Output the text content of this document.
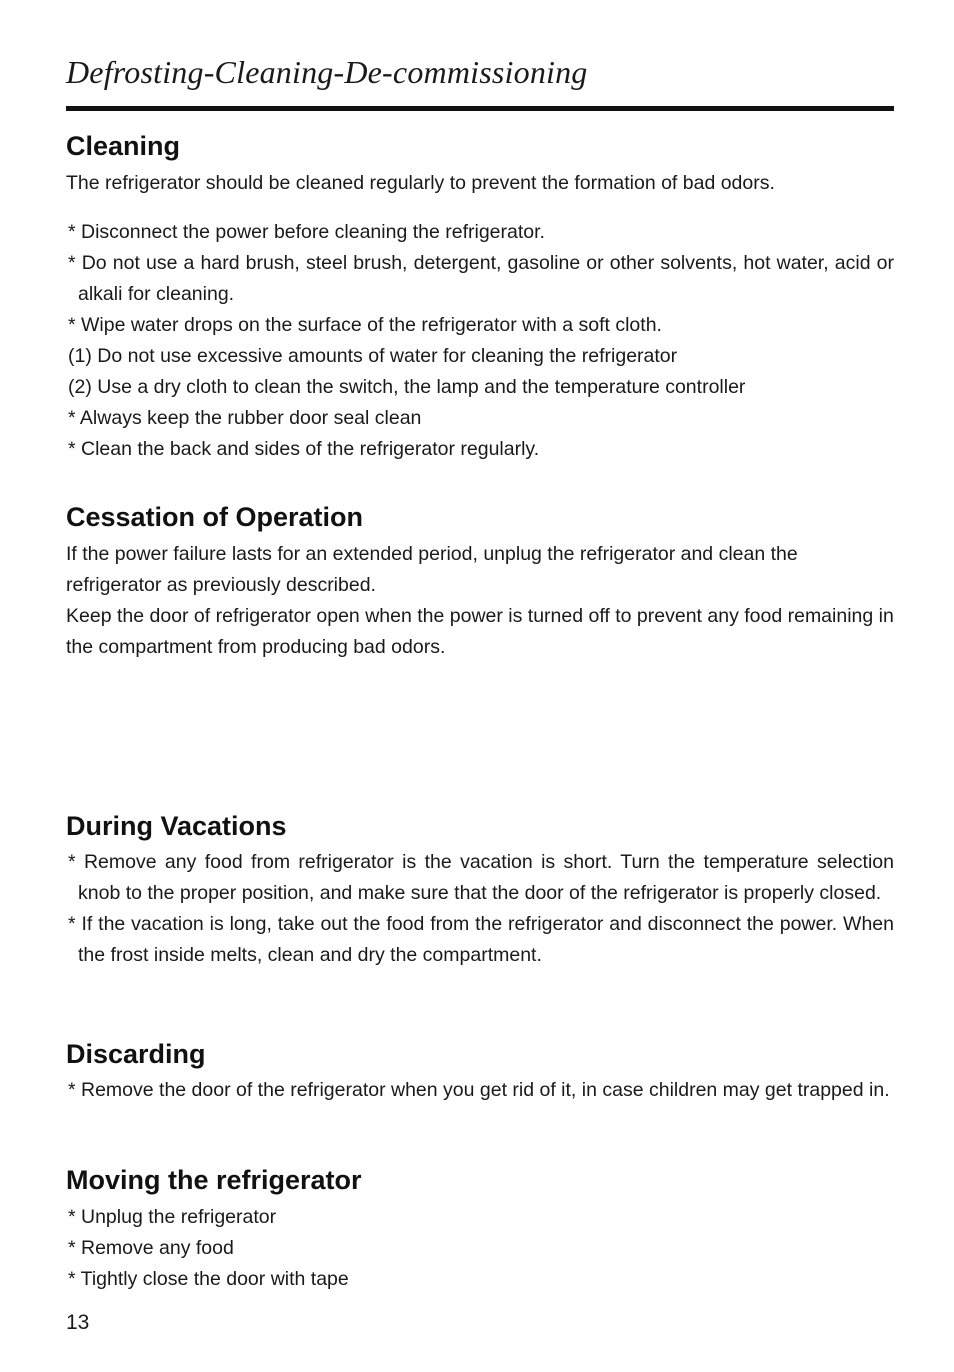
Defrosting-Cleaning-De-commissioning
Cleaning

The refrigerator should be cleaned regularly to prevent the formation of bad odors.

* Disconnect the power before cleaning the refrigerator.
* Do not use a hard brush, steel brush, detergent, gasoline or other solvents, hot water, acid or alkali for cleaning.
* Wipe water drops on the surface of the refrigerator with a soft cloth.
(1) Do not use excessive amounts of water for cleaning the refrigerator
(2) Use a dry cloth to clean the switch, the lamp and the temperature controller
* Always keep the rubber door seal clean
* Clean the back and sides of the refrigerator regularly.
Cessation of Operation

If the power failure lasts for an extended period, unplug the refrigerator and clean the refrigerator as previously described.

Keep the door of refrigerator open when the power is turned off to prevent any food remaining in the compartment from producing bad odors.

During Vacations
* Remove any food from refrigerator is the vacation is short. Turn the temperature selection knob to the proper position, and make sure that the door of the refrigerator is properly closed.
* If the vacation is long, take out the food from the refrigerator and disconnect the power. When the frost inside melts, clean and dry the compartment.
Discarding
* Remove the door of the refrigerator when you get rid of it, in case children may get trapped in.
Moving the refrigerator
* Unplug the refrigerator
* Remove any food
* Tightly close the door with tape
13
